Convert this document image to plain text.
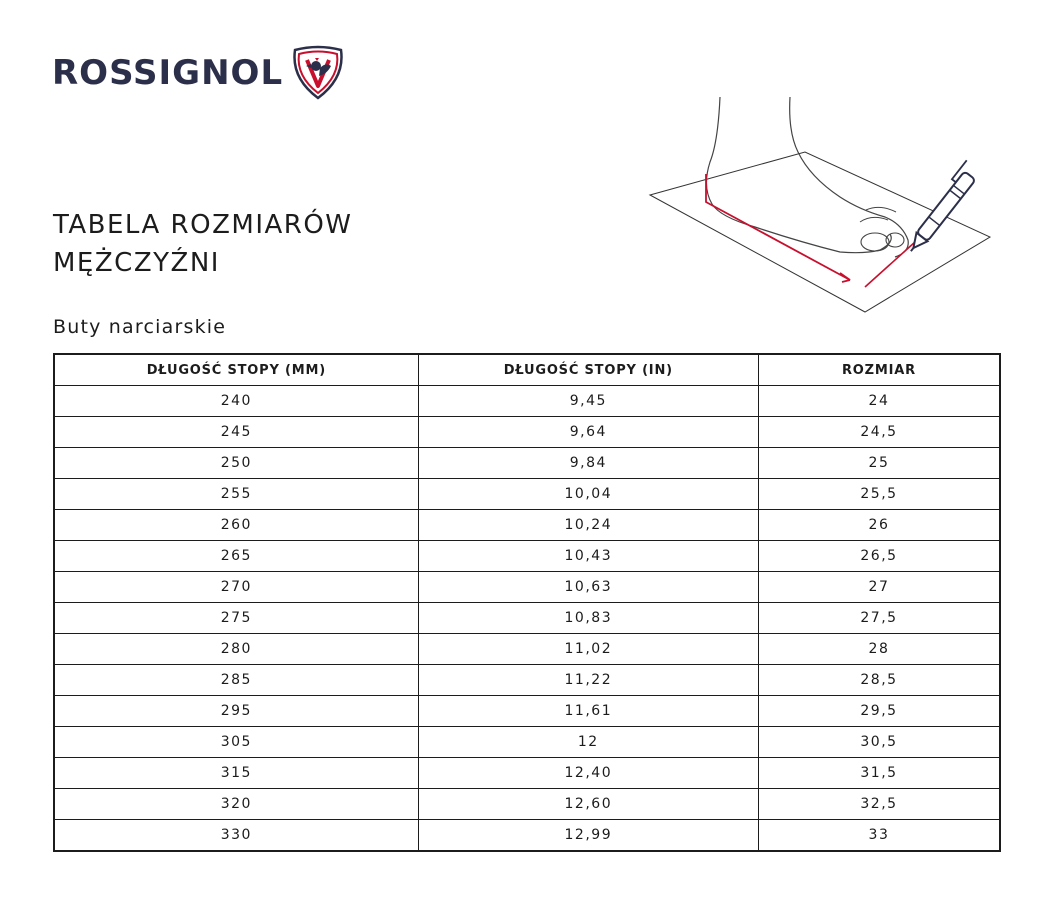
ROSSIGNOL
TABELA ROZMIARÓW
MĘŻCZYŹNI
Buty narciarskie
DŁUGOŚĆ STOPY (MM)	DŁUGOŚĆ STOPY (IN)	ROZMIAR
240	9,45	24
245	9,64	24,5
250	9,84	25
255	10,04	25,5
260	10,24	26
265	10,43	26,5
270	10,63	27
275	10,83	27,5
280	11,02	28
285	11,22	28,5
295	11,61	29,5
305	12	30,5
315	12,40	31,5
320	12,60	32,5
330	12,99	33
